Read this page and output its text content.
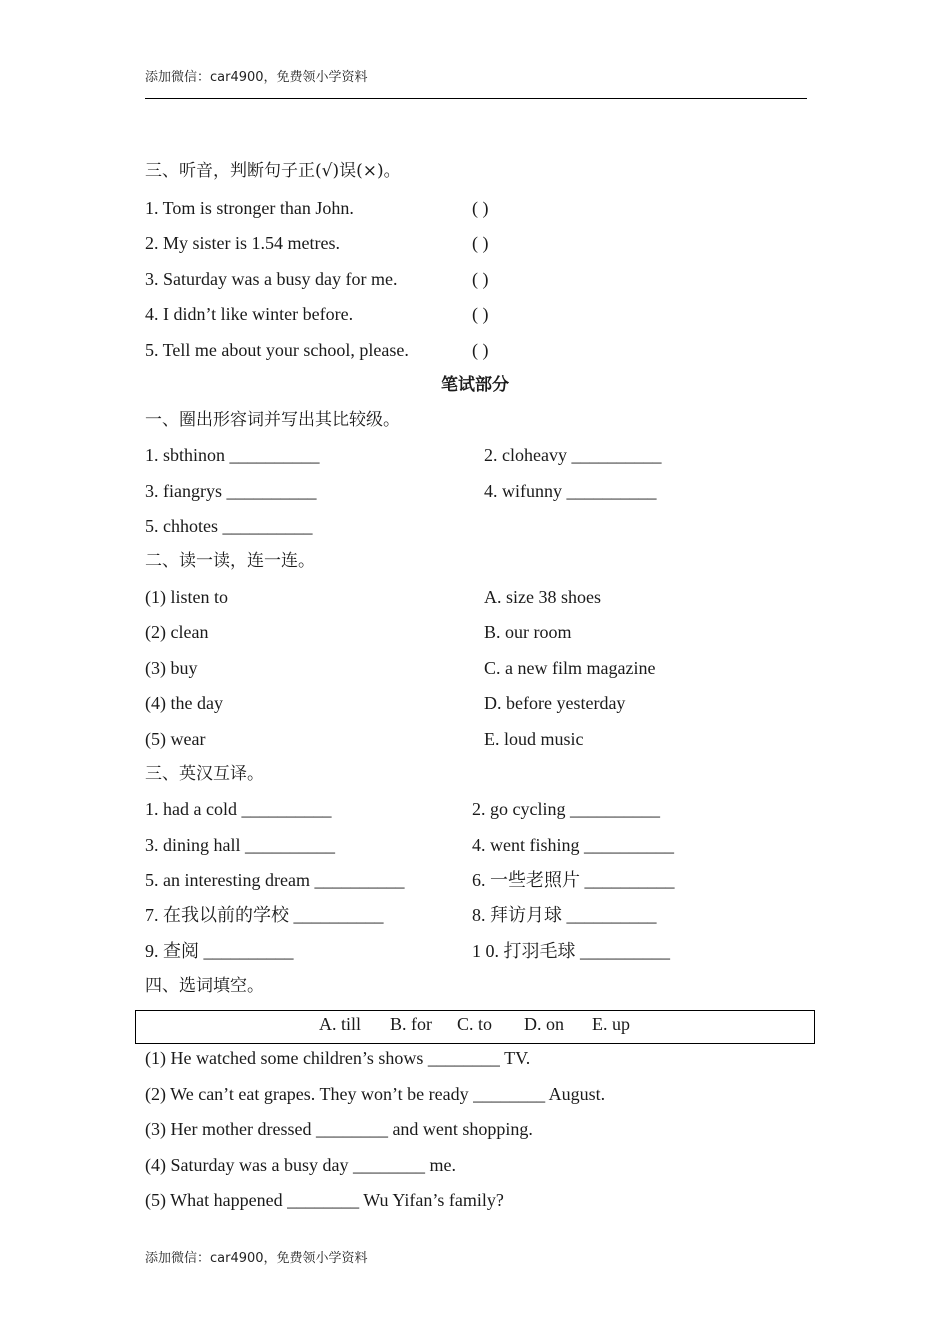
添加微信：car4900，免费领小学资料
三、听音，判断句子正(√)误(×)。
1. Tom is stronger than John.	( )
2. My sister is 1.54 metres.	( )
3. Saturday was a busy day for me.	( )
4. I didn’t like winter before.	( )
5. Tell me about your school, please.	( )
笔试部分
一、圈出形容词并写出其比较级。
1. sbthinon __________	2. cloheavy __________
3. fiangrys __________	4. wifunny __________
5. chhotes __________
二、读一读，连一连。
(1) listen to	A. size 38 shoes
(2) clean	B. our room
(3) buy	C. a new film magazine
(4) the day	D. before yesterday
(5) wear	E. loud music
三、英汉互译。
1. had a cold __________	2. go cycling __________
3. dining hall __________	4. went fishing __________
5. an interesting dream __________	6. 一些老照片 __________
7. 在我以前的学校 __________	8. 拜访月球 __________
9. 查阅 __________	1 0. 打羽毛球 __________
四、选词填空。
A. till B. for C. to D. on E. up
(1) He watched some children’s shows ________ TV.
(2) We can’t eat grapes. They won’t be ready ________ August.
(3) Her mother dressed ________ and went shopping.
(4) Saturday was a busy day ________ me.
(5) What happened ________ Wu Yifan’s family?
添加微信：car4900，免费领小学资料
